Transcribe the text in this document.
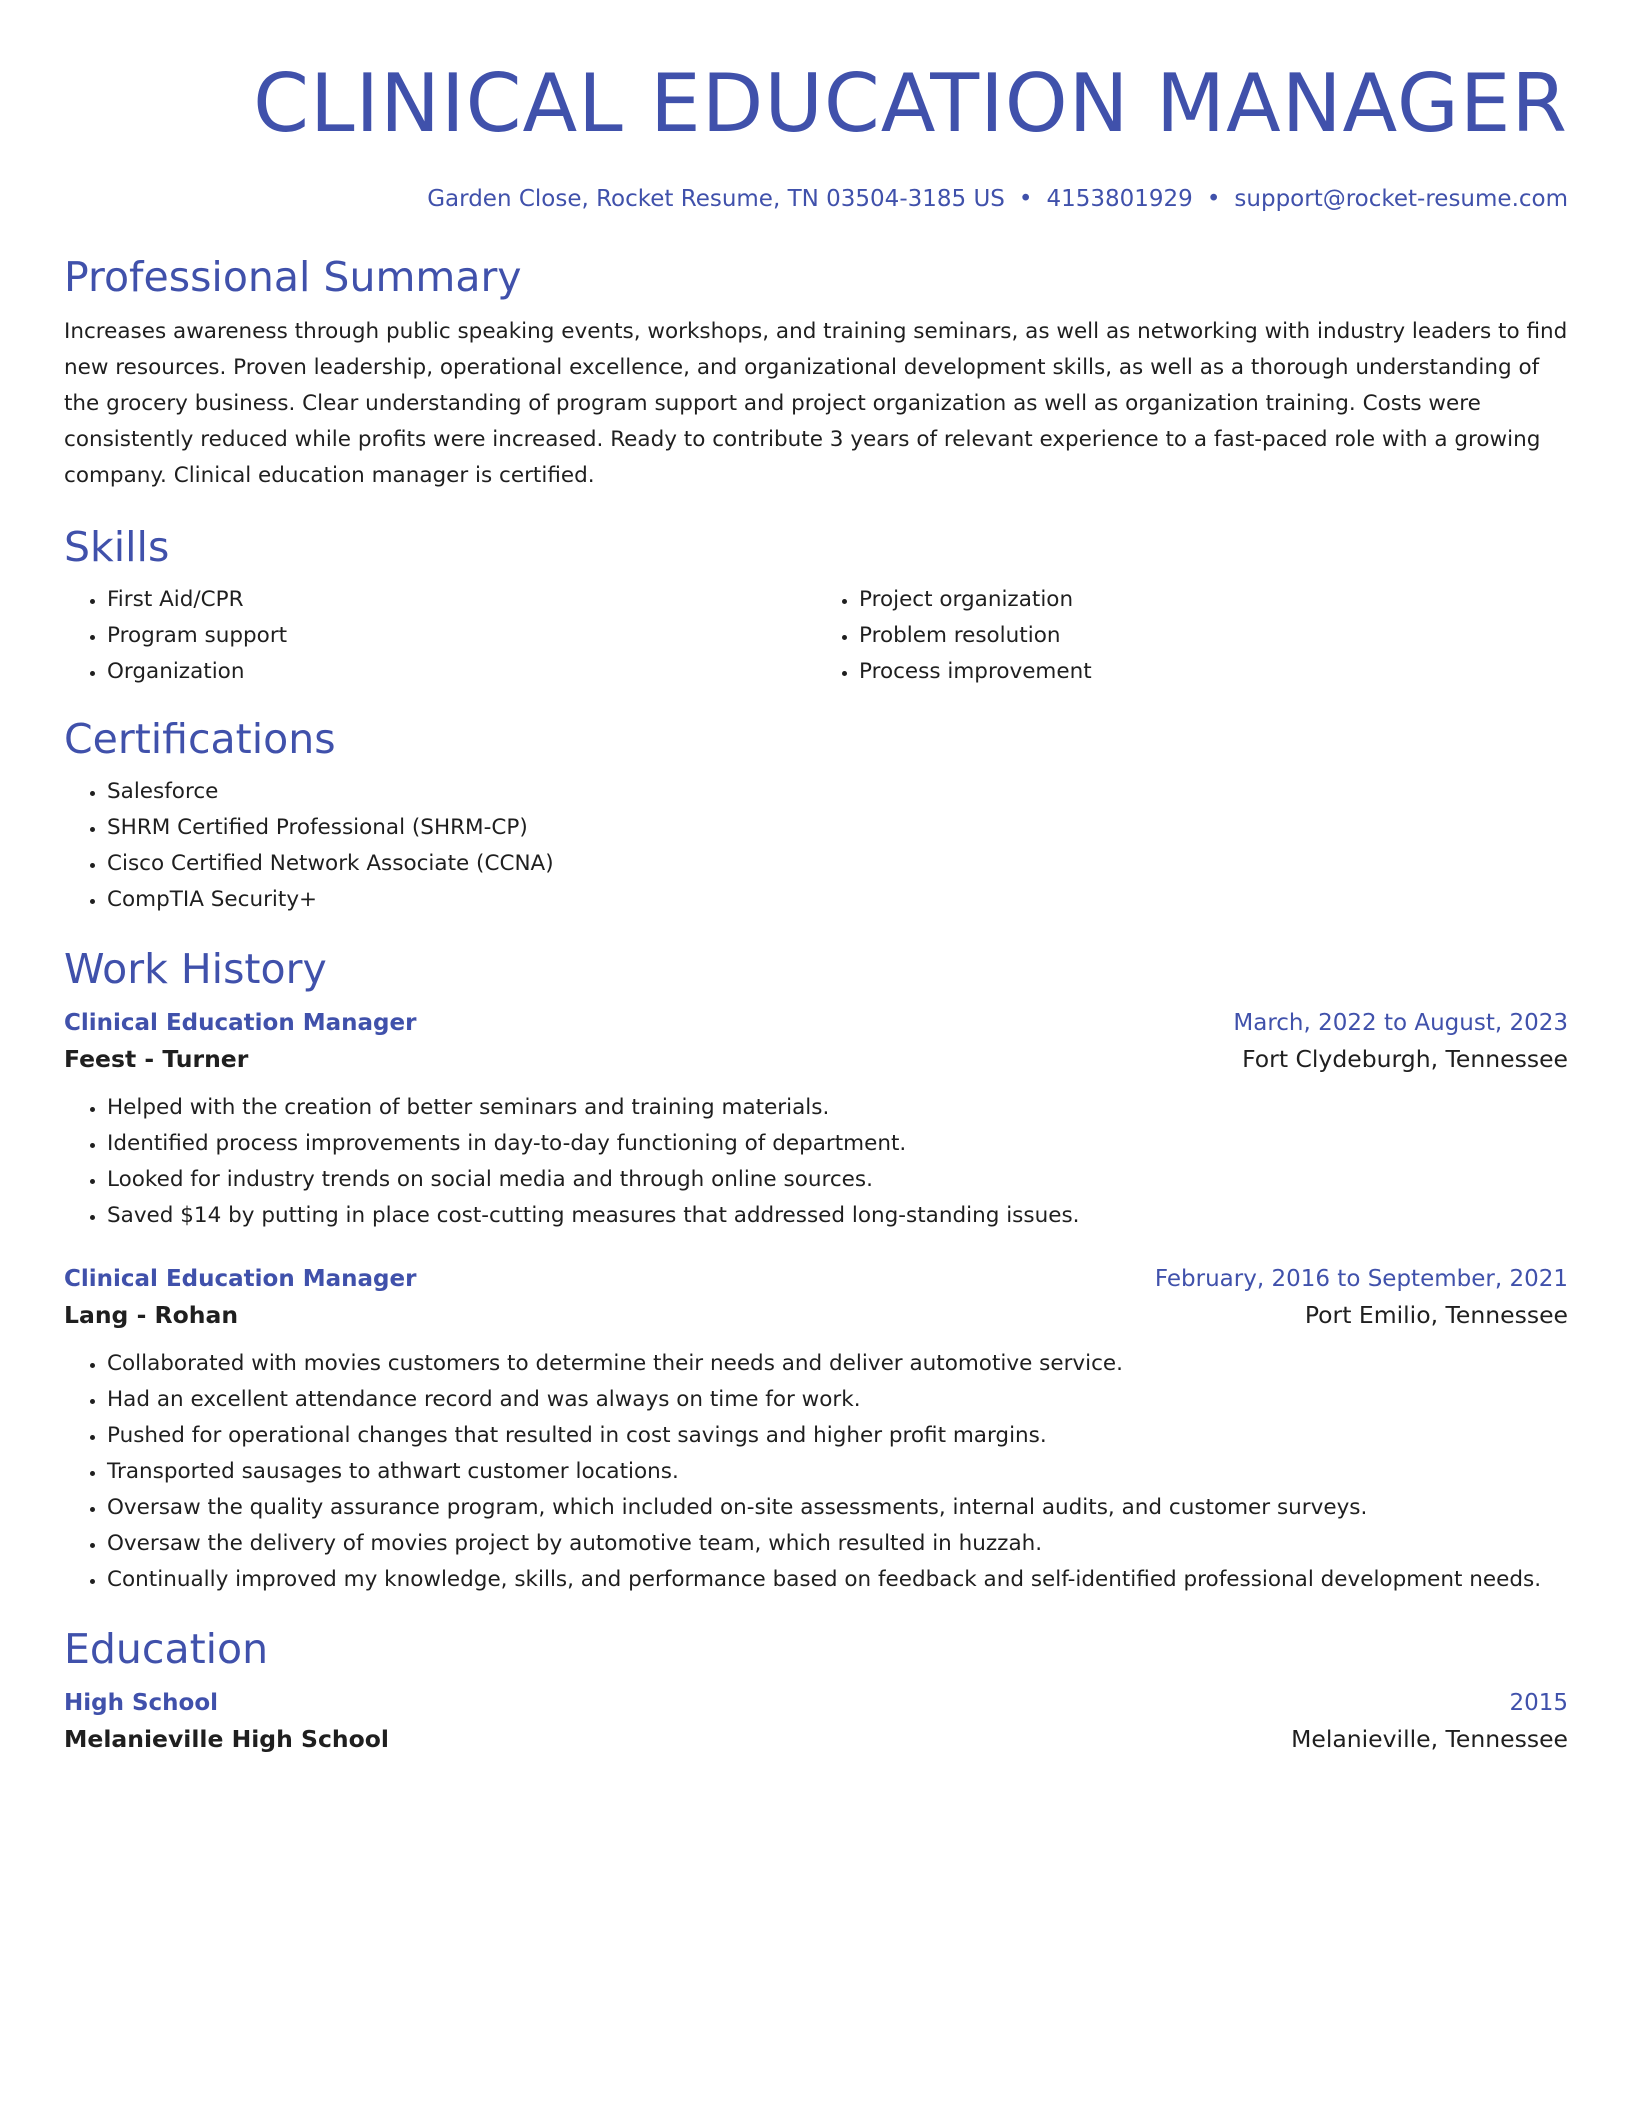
CLINICAL EDUCATION MANAGER
Garden Close, Rocket Resume, TN 03504-3185 US • 4153801929 • support@rocket-resume.com
Professional Summary

Increases awareness through public speaking events, workshops, and training seminars, as well as networking with industry leaders to find new resources. Proven leadership, operational excellence, and organizational development skills, as well as a thorough understanding of the grocery business. Clear understanding of program support and project organization as well as organization training. Costs were consistently reduced while profits were increased. Ready to contribute 3 years of relevant experience to a fast-paced role with a growing company. Clinical education manager is certified.

Skills
• First Aid/CPR
• Program support
• Organization
• Project organization
• Problem resolution
• Process improvement
Certifications
• Salesforce
• SHRM Certified Professional (SHRM-CP)
• Cisco Certified Network Associate (CCNA)
• CompTIA Security+
Work History
Clinical Education Manager	March, 2022 to August, 2023
Feest - Turner	Fort Clydeburgh, Tennessee
• Helped with the creation of better seminars and training materials.
• Identified process improvements in day-to-day functioning of department.
• Looked for industry trends on social media and through online sources.
• Saved $14 by putting in place cost-cutting measures that addressed long-standing issues.
Clinical Education Manager	February, 2016 to September, 2021
Lang - Rohan	Port Emilio, Tennessee
• Collaborated with movies customers to determine their needs and deliver automotive service.
• Had an excellent attendance record and was always on time for work.
• Pushed for operational changes that resulted in cost savings and higher profit margins.
• Transported sausages to athwart customer locations.
• Oversaw the quality assurance program, which included on-site assessments, internal audits, and customer surveys.
• Oversaw the delivery of movies project by automotive team, which resulted in huzzah.
• Continually improved my knowledge, skills, and performance based on feedback and self-identified professional development needs.
Education
High School	2015
Melanieville High School	Melanieville, Tennessee
